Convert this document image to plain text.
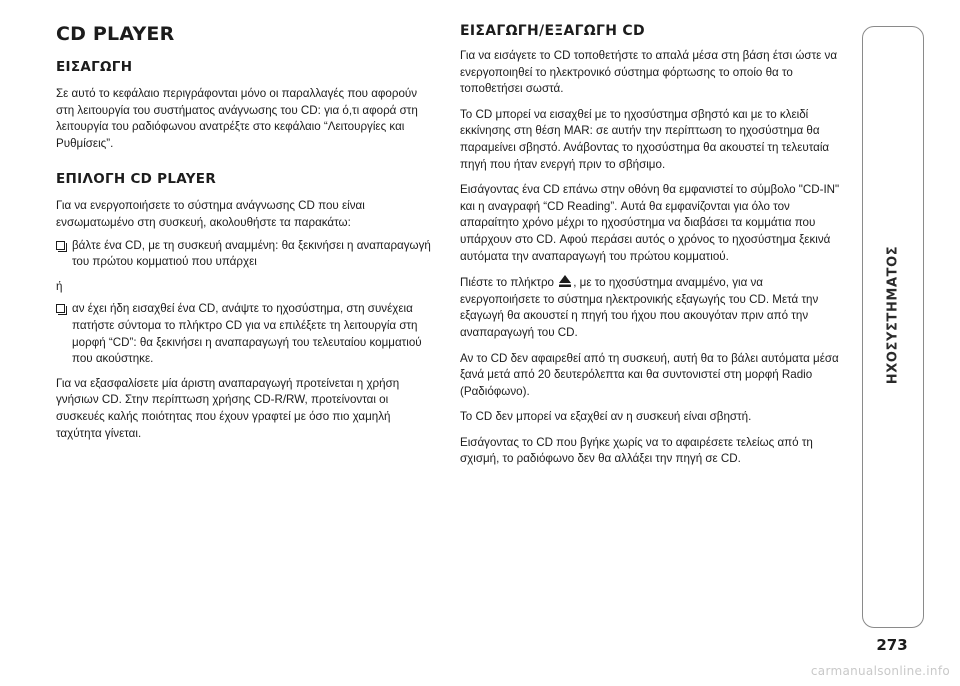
CD PLAYER
ΕΙΣΑΓΩΓΗ
Σε αυτό το κεφάλαιο περιγράφονται μόνο οι παραλλαγές που αφορούν στη λειτουργία του συστήματος ανάγνωσης του CD: για ό,τι αφορά στη λειτουργία του ραδιόφωνου ανατρέξτε στο κεφάλαιο “Λειτουργίες και Ρυθμίσεις”.
ΕΠΙΛΟΓΗ CD PLAYER
Για να ενεργοποιήσετε το σύστημα ανάγνωσης CD που είναι ενσωματωμένο στη συσκευή, ακολουθήστε τα παρακάτω:
βάλτε ένα CD, με τη συσκευή αναμμένη: θα ξεκινήσει η αναπαραγωγή του πρώτου κομματιού που υπάρχει
ή
αν έχει ήδη εισαχθεί ένα CD, ανάψτε το ηχοσύστημα, στη συνέχεια πατήστε σύντομα το πλήκτρο CD για να επιλέξετε τη λειτουργία στη μορφή “CD”: θα ξεκινήσει η αναπαραγωγή του τελευταίου κομματιού που ακούστηκε.
Για να εξασφαλίσετε μία άριστη αναπαραγωγή προτείνεται η χρήση γνήσιων CD. Στην περίπτωση χρήσης CD-R/RW, προτείνονται οι συσκευές καλής ποιότητας που έχουν γραφτεί με όσο πιο χαμηλή ταχύτητα γίνεται.
ΕΙΣΑΓΩΓΗ/ΕΞΑΓΩΓΗ CD
Για να εισάγετε το CD τοποθετήστε το απαλά μέσα στη βάση έτσι ώστε να ενεργοποιηθεί το ηλεκτρονικό σύστημα φόρτωσης το οποίο θα το τοποθετήσει σωστά.
Το CD μπορεί να εισαχθεί με το ηχοσύστημα σβηστό και με το κλειδί εκκίνησης στη θέση MAR: σε αυτήν την περίπτωση το ηχοσύστημα θα παραμείνει σβηστό. Ανάβοντας το ηχοσύστημα θα ακουστεί τη τελευταία πηγή που ήταν ενεργή πριν το σβήσιμο.
Εισάγοντας ένα CD επάνω στην οθόνη θα εμφανιστεί το σύμβολο "CD-IN" και η αναγραφή “CD Reading”. Αυτά θα εμφανίζονται για όλο τον απαραίτητο χρόνο μέχρι το ηχοσύστημα να διαβάσει τα κομμάτια που υπάρχουν στο CD. Αφού περάσει αυτός ο χρόνος το ηχοσύστημα ξεκινά αυτόματα την αναπαραγωγή του πρώτου κομματιού.
Πιέστε το πλήκτρο , με το ηχοσύστημα αναμμένο, για να ενεργοποιήσετε το σύστημα ηλεκτρονικής εξαγωγής του CD. Μετά την εξαγωγή θα ακουστεί η πηγή του ήχου που ακουγόταν πριν από την αναπαραγωγή του CD.
Αν το CD δεν αφαιρεθεί από τη συσκευή, αυτή θα το βάλει αυτόματα μέσα ξανά μετά από 20 δευτερόλεπτα και θα συντονιστεί στη μορφή Radio (Ραδιόφωνο).
Το CD δεν μπορεί να εξαχθεί αν η συσκευή είναι σβηστή.
Εισάγοντας το CD που βγήκε χωρίς να το αφαιρέσετε τελείως από τη σχισμή, το ραδιόφωνο δεν θα αλλάξει την πηγή σε CD.
ΗΧΟΣΥΣΤΗΜΑΤΟΣ
273
carmanualsonline.info
